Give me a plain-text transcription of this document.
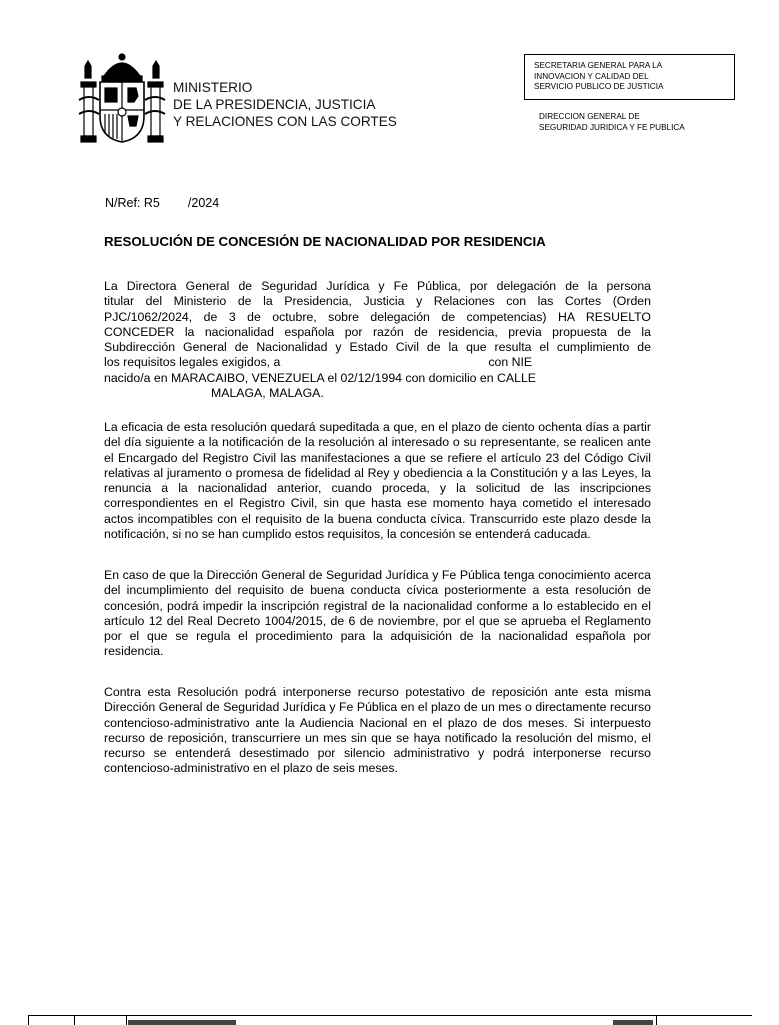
MINISTERIO
DE LA PRESIDENCIA, JUSTICIA
Y RELACIONES CON LAS CORTES
SECRETARIA GENERAL PARA LA
INNOVACION Y CALIDAD DEL
SERVICIO PUBLICO DE JUSTICIA
DIRECCION GENERAL DE
SEGURIDAD JURIDICA Y FE PUBLICA
N/Ref: R5 /2024
RESOLUCIÓN DE CONCESIÓN DE NACIONALIDAD POR RESIDENCIA
La Directora General de Seguridad Jurídica y Fe Pública, por delegación de la persona
titular del Ministerio de la Presidencia, Justicia y Relaciones con las Cortes (Orden
PJC/1062/2024, de 3 de octubre, sobre delegación de competencias) HA RESUELTO
CONCEDER la nacionalidad española por razón de residencia, previa propuesta de la
Subdirección General de Nacionalidad y Estado Civil de la que resulta el cumplimiento de
los requisitos legales exigidos, a	con NIE
nacido/a en MARACAIBO, VENEZUELA el 02/12/1994 con domicilio en CALLE
MALAGA, MALAGA.

La eficacia de esta resolución quedará supeditada a que, en el plazo de ciento ochenta días a partir del día siguiente a la notificación de la resolución al interesado o su representante, se realicen ante el Encargado del Registro Civil las manifestaciones a que se refiere el artículo 23 del Código Civil relativas al juramento o promesa de fidelidad al Rey y obediencia a la Constitución y a las Leyes, la renuncia a la nacionalidad anterior, cuando proceda, y la solicitud de las inscripciones correspondientes en el Registro Civil, sin que hasta ese momento haya cometido el interesado actos incompatibles con el requisito de la buena conducta cívica. Transcurrido este plazo desde la notificación, si no se han cumplido estos requisitos, la concesión se entenderá caducada.

En caso de que la Dirección General de Seguridad Jurídica y Fe Pública tenga conocimiento acerca del incumplimiento del requisito de buena conducta cívica posteriormente a esta resolución de concesión, podrá impedir la inscripción registral de la nacionalidad conforme a lo establecido en el artículo 12 del Real Decreto 1004/2015, de 6 de noviembre, por el que se aprueba el Reglamento por el que se regula el procedimiento para la adquisición de la nacionalidad española por residencia.

Contra esta Resolución podrá interponerse recurso potestativo de reposición ante esta misma Dirección General de Seguridad Jurídica y Fe Pública en el plazo de un mes o directamente recurso contencioso-administrativo ante la Audiencia Nacional en el plazo de dos meses. Si interpuesto recurso de reposición, transcurriere un mes sin que se haya notificado la resolución del mismo, el recurso se entenderá desestimado por silencio administrativo y podrá interponerse recurso contencioso-administrativo en el plazo de seis meses.
